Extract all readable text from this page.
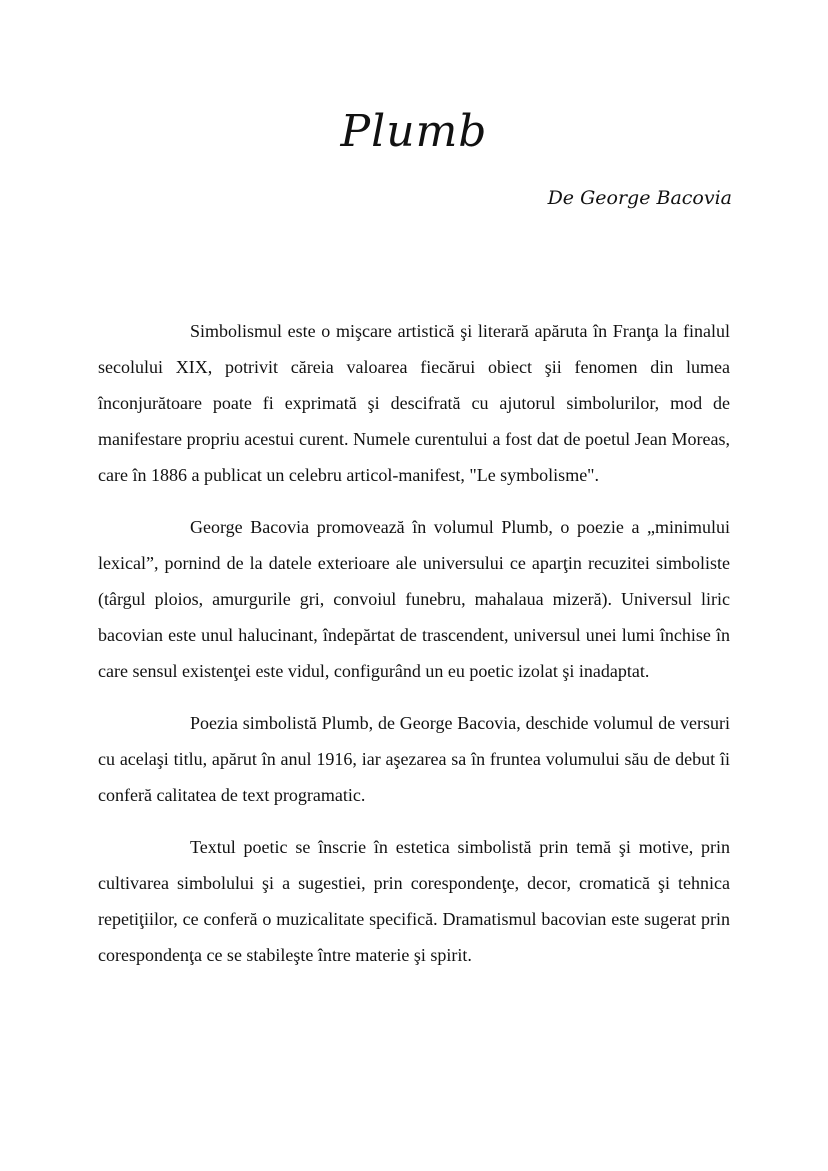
Plumb

De George Bacovia

Simbolismul este o mişcare artistică şi literară apăruta în Franţa la finalul secolului XIX, potrivit căreia valoarea fiecărui obiect şii fenomen din lumea înconjurătoare poate fi exprimată şi descifrată cu ajutorul simbolurilor, mod de manifestare propriu acestui curent. Numele curentului a fost dat de poetul Jean Moreas, care în 1886 a publicat un celebru articol-manifest, "Le symbolisme".

George Bacovia promovează în volumul Plumb, o poezie a „minimului lexical”, pornind de la datele exterioare ale universului ce aparţin recuzitei simboliste (târgul ploios, amurgurile gri, convoiul funebru, mahalaua mizeră). Universul liric bacovian este unul halucinant, îndepărtat de trascendent, universul unei lumi închise în care sensul existenţei este vidul, configurând un eu poetic izolat şi inadaptat.

Poezia simbolistă Plumb, de George Bacovia, deschide volumul de versuri cu acelaşi titlu, apărut în anul 1916, iar aşezarea sa în fruntea volumului său de debut îi conferă calitatea de text programatic.

Textul poetic se înscrie în estetica simbolistă prin temă şi motive, prin cultivarea simbolului şi a sugestiei, prin corespondenţe, decor, cromatică şi tehnica repetiţiilor, ce conferă o muzicalitate specifică. Dramatismul bacovian este sugerat prin corespondenţa ce se stabileşte între materie şi spirit.
